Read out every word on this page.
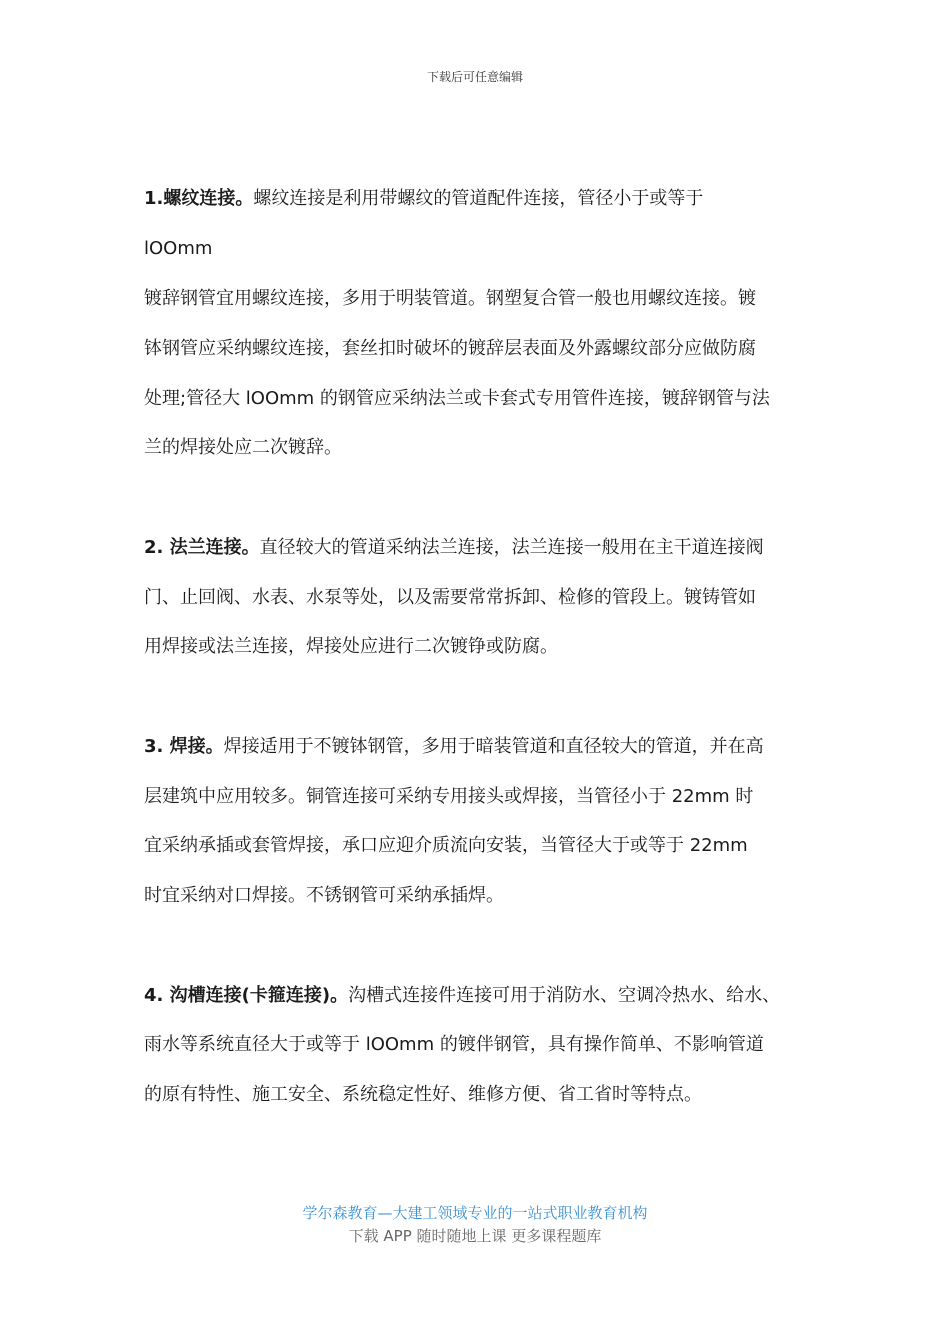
下载后可任意编辑
1.螺纹连接。螺纹连接是利用带螺纹的管道配件连接，管径小于或等于
lOOmm
镀辞钢管宜用螺纹连接，多用于明装管道。钢塑复合管一般也用螺纹连接。镀
钵钢管应采纳螺纹连接，套丝扣时破坏的镀辞层表面及外露螺纹部分应做防腐
处理;管径大 lOOmm 的钢管应采纳法兰或卡套式专用管件连接，镀辞钢管与法
兰的焊接处应二次镀辞。
2. 法兰连接。直径较大的管道采纳法兰连接，法兰连接一般用在主干道连接阀
门、止回阀、水表、水泵等处，以及需要常常拆卸、检修的管段上。镀铸管如
用焊接或法兰连接，焊接处应进行二次镀铮或防腐。
3. 焊接。焊接适用于不镀钵钢管，多用于暗装管道和直径较大的管道，并在高
层建筑中应用较多。铜管连接可采纳专用接头或焊接，当管径小于 22mm 时
宜采纳承插或套管焊接，承口应迎介质流向安装，当管径大于或等于 22mm
时宜采纳对口焊接。不锈钢管可采纳承插焊。
4. 沟槽连接(卡箍连接)。沟槽式连接件连接可用于消防水、空调冷热水、给水、
雨水等系统直径大于或等于 lOOmm 的镀伴钢管，具有操作简单、不影响管道
的原有特性、施工安全、系统稳定性好、维修方便、省工省时等特点。
学尔森教育—大建工领域专业的一站式职业教育机构
下载 APP 随时随地上课 更多课程题库
